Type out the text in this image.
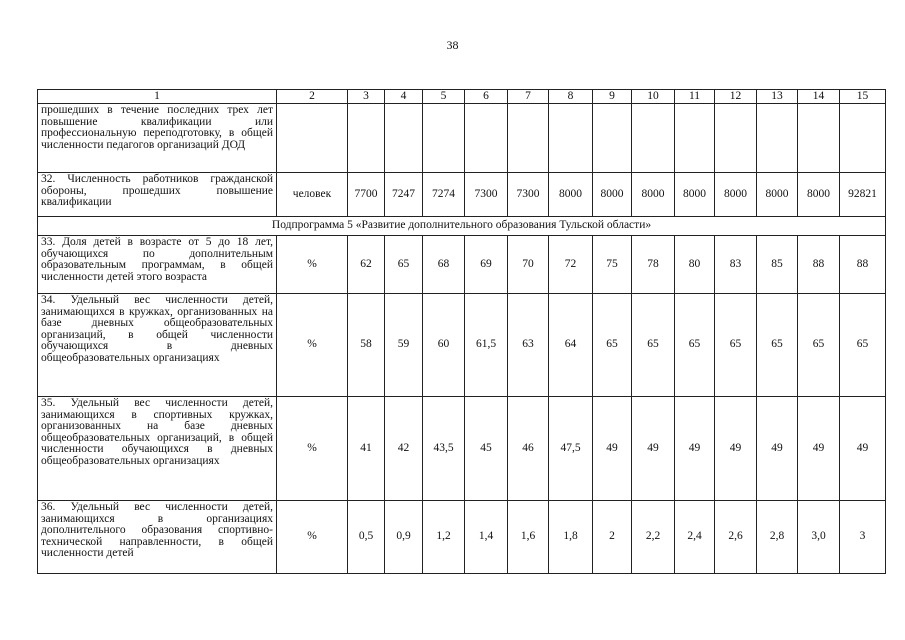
38
1	2	3	4	5	6	7	8	9	10	11	12	13	14	15
прошедших в течение последних трех лет повышение квалификации или профессиональную переподготовку, в общей численности педагогов организаций ДОД														
32. Численность работников гражданской обороны, прошедших повышение квалификации	человек	7700	7247	7274	7300	7300	8000	8000	8000	8000	8000	8000	8000	92821
Подпрограмма 5 «Развитие дополнительного образования Тульской области»														
33. Доля детей в возрасте от 5 до 18 лет, обучающихся по дополнительным образовательным программам, в общей численности детей этого возраста	%	62	65	68	69	70	72	75	78	80	83	85	88	88
34. Удельный вес численности детей, занимающихся в кружках, организованных на базе дневных общеобразовательных организаций, в общей численности обучающихся в дневных общеобразовательных организациях	%	58	59	60	61,5	63	64	65	65	65	65	65	65	65
35. Удельный вес численности детей, занимающихся в спортивных кружках, организованных на базе дневных общеобразовательных организаций, в общей численности обучающихся в дневных общеобразовательных организациях	%	41	42	43,5	45	46	47,5	49	49	49	49	49	49	49
36. Удельный вес численности детей, занимающихся в организациях дополнительного образования спортивно-технической направленности, в общей численности детей	%	0,5	0,9	1,2	1,4	1,6	1,8	2	2,2	2,4	2,6	2,8	3,0	3
